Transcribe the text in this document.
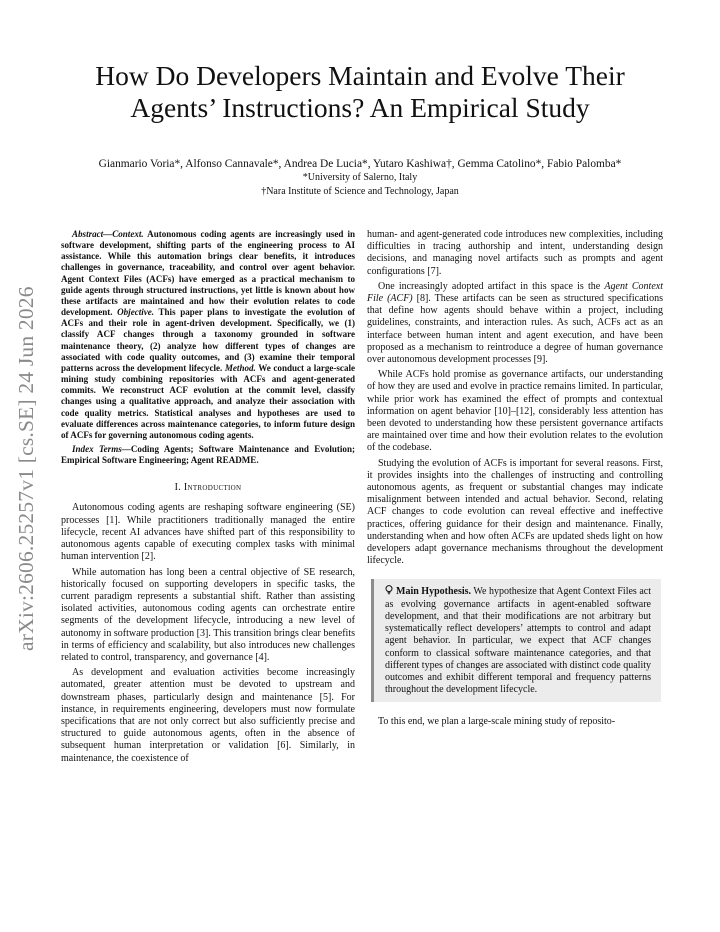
arXiv:2606.25257v1 [cs.SE] 24 Jun 2026
How Do Developers Maintain and Evolve Their
Agents’ Instructions? An Empirical Study
Gianmario Voria*, Alfonso Cannavale*, Andrea De Lucia*, Yutaro Kashiwa†, Gemma Catolino*, Fabio Palomba*
*University of Salerno, Italy
†Nara Institute of Science and Technology, Japan

Abstract—Context. Autonomous coding agents are increasingly used in software development, shifting parts of the engineering process to AI assistance. While this automation brings clear benefits, it introduces challenges in governance, traceability, and control over agent behavior. Agent Context Files (ACFs) have emerged as a practical mechanism to guide agents through structured instructions, yet little is known about how these artifacts are maintained and how their evolution relates to code development. Objective. This paper plans to investigate the evolution of ACFs and their role in agent-driven development. Specifically, we (1) classify ACF changes through a taxonomy grounded in software maintenance theory, (2) analyze how different types of changes are associated with code quality outcomes, and (3) examine their temporal patterns across the development lifecycle. Method. We conduct a large-scale mining study combining repositories with ACFs and agent-generated commits. We reconstruct ACF evolution at the commit level, classify changes using a qualitative approach, and analyze their association with code quality metrics. Statistical analyses and hypotheses are used to evaluate differences across maintenance categories, to inform future design of ACFs for governing autonomous coding agents.

Index Terms—Coding Agents; Software Maintenance and Evolution; Empirical Software Engineering; Agent README.

I. Introduction

Autonomous coding agents are reshaping software engineering (SE) processes [1]. While practitioners traditionally managed the entire lifecycle, recent AI advances have shifted part of this responsibility to autonomous agents capable of executing complex tasks with minimal human intervention [2].

While automation has long been a central objective of SE research, historically focused on supporting developers in specific tasks, the current paradigm represents a substantial shift. Rather than assisting isolated activities, autonomous coding agents can orchestrate entire segments of the development lifecycle, introducing a new level of autonomy in software production [3]. This transition brings clear benefits in terms of efficiency and scalability, but also introduces new challenges related to control, transparency, and governance [4].

As development and evaluation activities become increasingly automated, greater attention must be devoted to upstream and downstream phases, particularly design and maintenance [5]. For instance, in requirements engineering, developers must now formulate specifications that are not only correct but also sufficiently precise and structured to guide autonomous agents, often in the absence of subsequent human interpretation or validation [6]. Similarly, in maintenance, the coexistence of

human- and agent-generated code introduces new complexities, including difficulties in tracing authorship and intent, understanding design decisions, and managing novel artifacts such as prompts and agent configurations [7].

One increasingly adopted artifact in this space is the Agent Context File (ACF) [8]. These artifacts can be seen as structured specifications that define how agents should behave within a project, including guidelines, constraints, and interaction rules. As such, ACFs act as an interface between human intent and agent execution, and have been proposed as a mechanism to reintroduce a degree of human governance over autonomous development processes [9].

While ACFs hold promise as governance artifacts, our understanding of how they are used and evolve in practice remains limited. In particular, while prior work has examined the effect of prompts and contextual information on agent behavior [10]–[12], considerably less attention has been devoted to understanding how these persistent governance artifacts are maintained over time and how their evolution relates to the evolution of the codebase.

Studying the evolution of ACFs is important for several reasons. First, it provides insights into the challenges of instructing and controlling autonomous agents, as frequent or substantial changes may indicate misalignment between intended and actual behavior. Second, relating ACF changes to code evolution can reveal effective and ineffective practices, offering guidance for their design and maintenance. Finally, understanding when and how often ACFs are updated sheds light on how developers adapt governance mechanisms throughout the development lifecycle.

Main Hypothesis. We hypothesize that Agent Context Files act as evolving governance artifacts in agent-enabled software development, and that their modifications are not arbitrary but systematically reflect developers’ attempts to control and adapt agent behavior. In particular, we expect that ACF changes conform to classical software maintenance categories, and that different types of changes are associated with distinct code quality outcomes and exhibit different temporal and frequency patterns throughout the development lifecycle.

To this end, we plan a large-scale mining study of reposito-
